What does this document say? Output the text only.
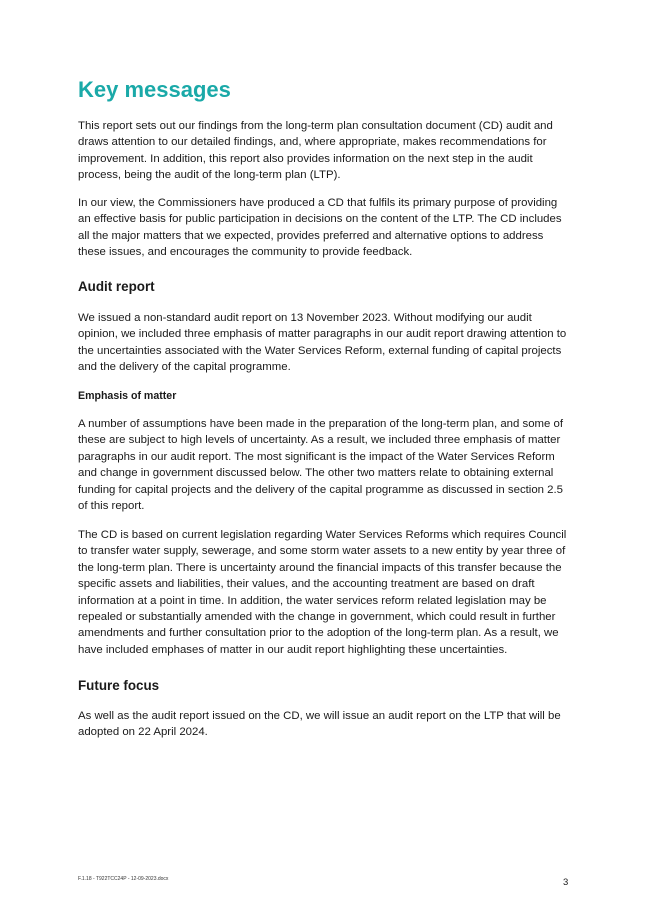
Key messages

This report sets out our findings from the long-term plan consultation document (CD) audit and draws attention to our detailed findings, and, where appropriate, makes recommendations for improvement. In addition, this report also provides information on the next step in the audit process, being the audit of the long-term plan (LTP).

In our view, the Commissioners have produced a CD that fulfils its primary purpose of providing an effective basis for public participation in decisions on the content of the LTP. The CD includes all the major matters that we expected, provides preferred and alternative options to address these issues, and encourages the community to provide feedback.

Audit report

We issued a non-standard audit report on 13 November 2023. Without modifying our audit opinion, we included three emphasis of matter paragraphs in our audit report drawing attention to the uncertainties associated with the Water Services Reform, external funding of capital projects and the delivery of the capital programme.

Emphasis of matter

A number of assumptions have been made in the preparation of the long-term plan, and some of these are subject to high levels of uncertainty. As a result, we included three emphasis of matter paragraphs in our audit report. The most significant is the impact of the Water Services Reform and change in government discussed below. The other two matters relate to obtaining external funding for capital projects and the delivery of the capital programme as discussed in section 2.5 of this report.

The CD is based on current legislation regarding Water Services Reforms which requires Council to transfer water supply, sewerage, and some storm water assets to a new entity by year three of the long-term plan. There is uncertainty around the financial impacts of this transfer because the specific assets and liabilities, their values, and the accounting treatment are based on draft information at a point in time. In addition, the water services reform related legislation may be repealed or substantially amended with the change in government, which could result in further amendments and further consultation prior to the adoption of the long-term plan. As a result, we have included emphases of matter in our audit report highlighting these uncertainties.

Future focus

As well as the audit report issued on the CD, we will issue an audit report on the LTP that will be adopted on 22 April 2024.

F.1.18 - T922TCC24P - 12-09-2023.docx	3
